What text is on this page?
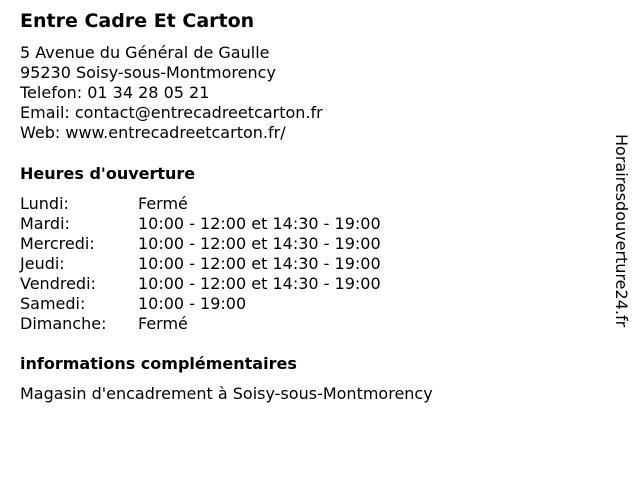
Entre Cadre Et Carton
5 Avenue du Général de Gaulle
95230 Soisy-sous-Montmorency
Telefon: 01 34 28 05 21
Email: contact@entrecadreetcarton.fr
Web: www.entrecadreetcarton.fr/
Heures d'ouverture
Lundi:	Fermé
Mardi:	10:00 - 12:00 et 14:30 - 19:00
Mercredi:	10:00 - 12:00 et 14:30 - 19:00
Jeudi:	10:00 - 12:00 et 14:30 - 19:00
Vendredi:	10:00 - 12:00 et 14:30 - 19:00
Samedi:	10:00 - 19:00
Dimanche:	Fermé
informations complémentaires
Magasin d'encadrement à Soisy-sous-Montmorency
Horairesdouverture24.fr
